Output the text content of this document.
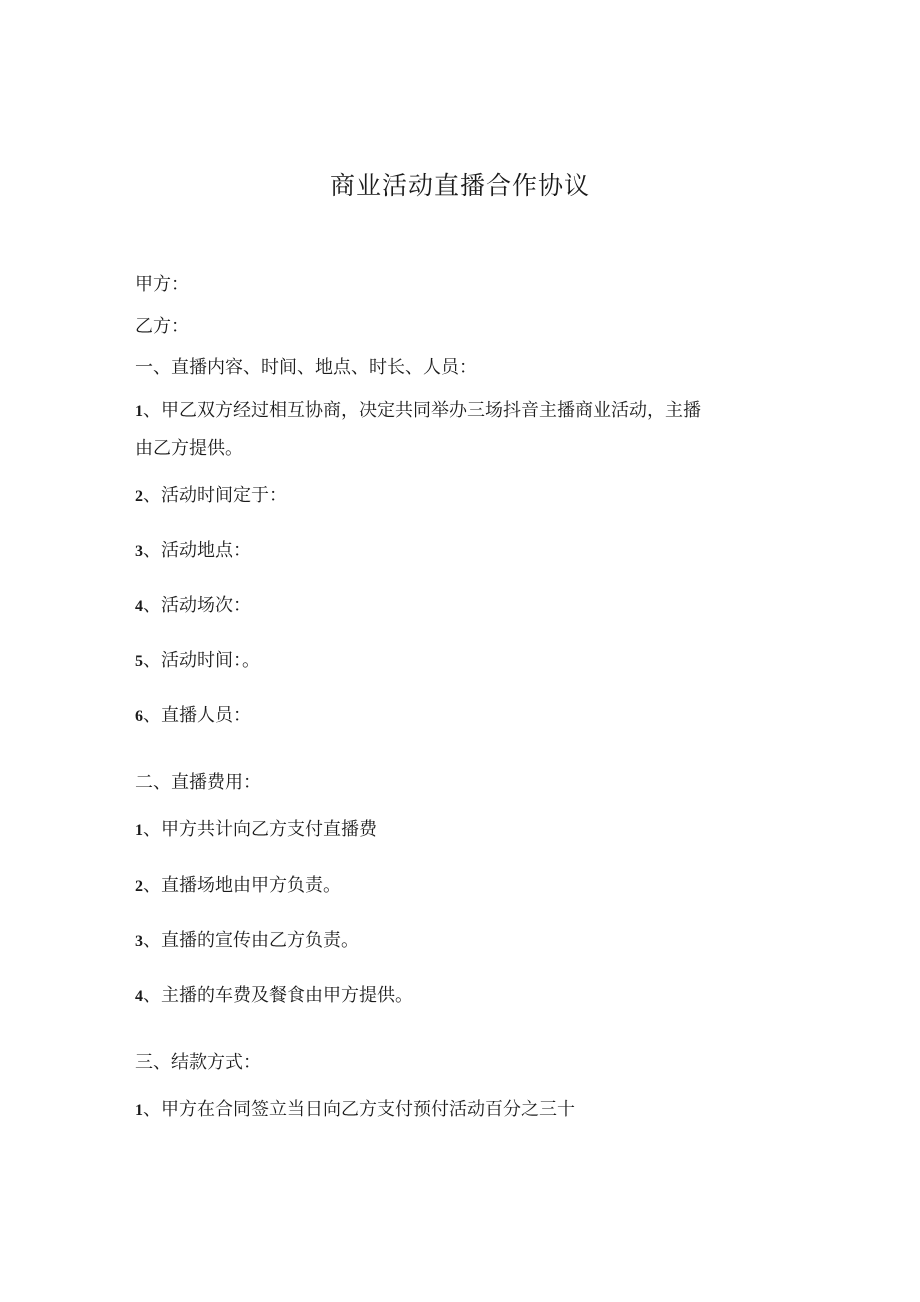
商业活动直播合作协议
甲方：
乙方：
一、直播内容、时间、地点、时长、人员：
1、甲乙双方经过相互协商，决定共同举办三场抖音主播商业活动，主播
由乙方提供。
2、活动时间定于：
3、活动地点：
4、活动场次：
5、活动时间：。
6、直播人员：
二、直播费用：
1、甲方共计向乙方支付直播费
2、直播场地由甲方负责。
3、直播的宣传由乙方负责。
4、主播的车费及餐食由甲方提供。
三、结款方式：
1、甲方在合同签立当日向乙方支付预付活动百分之三十
